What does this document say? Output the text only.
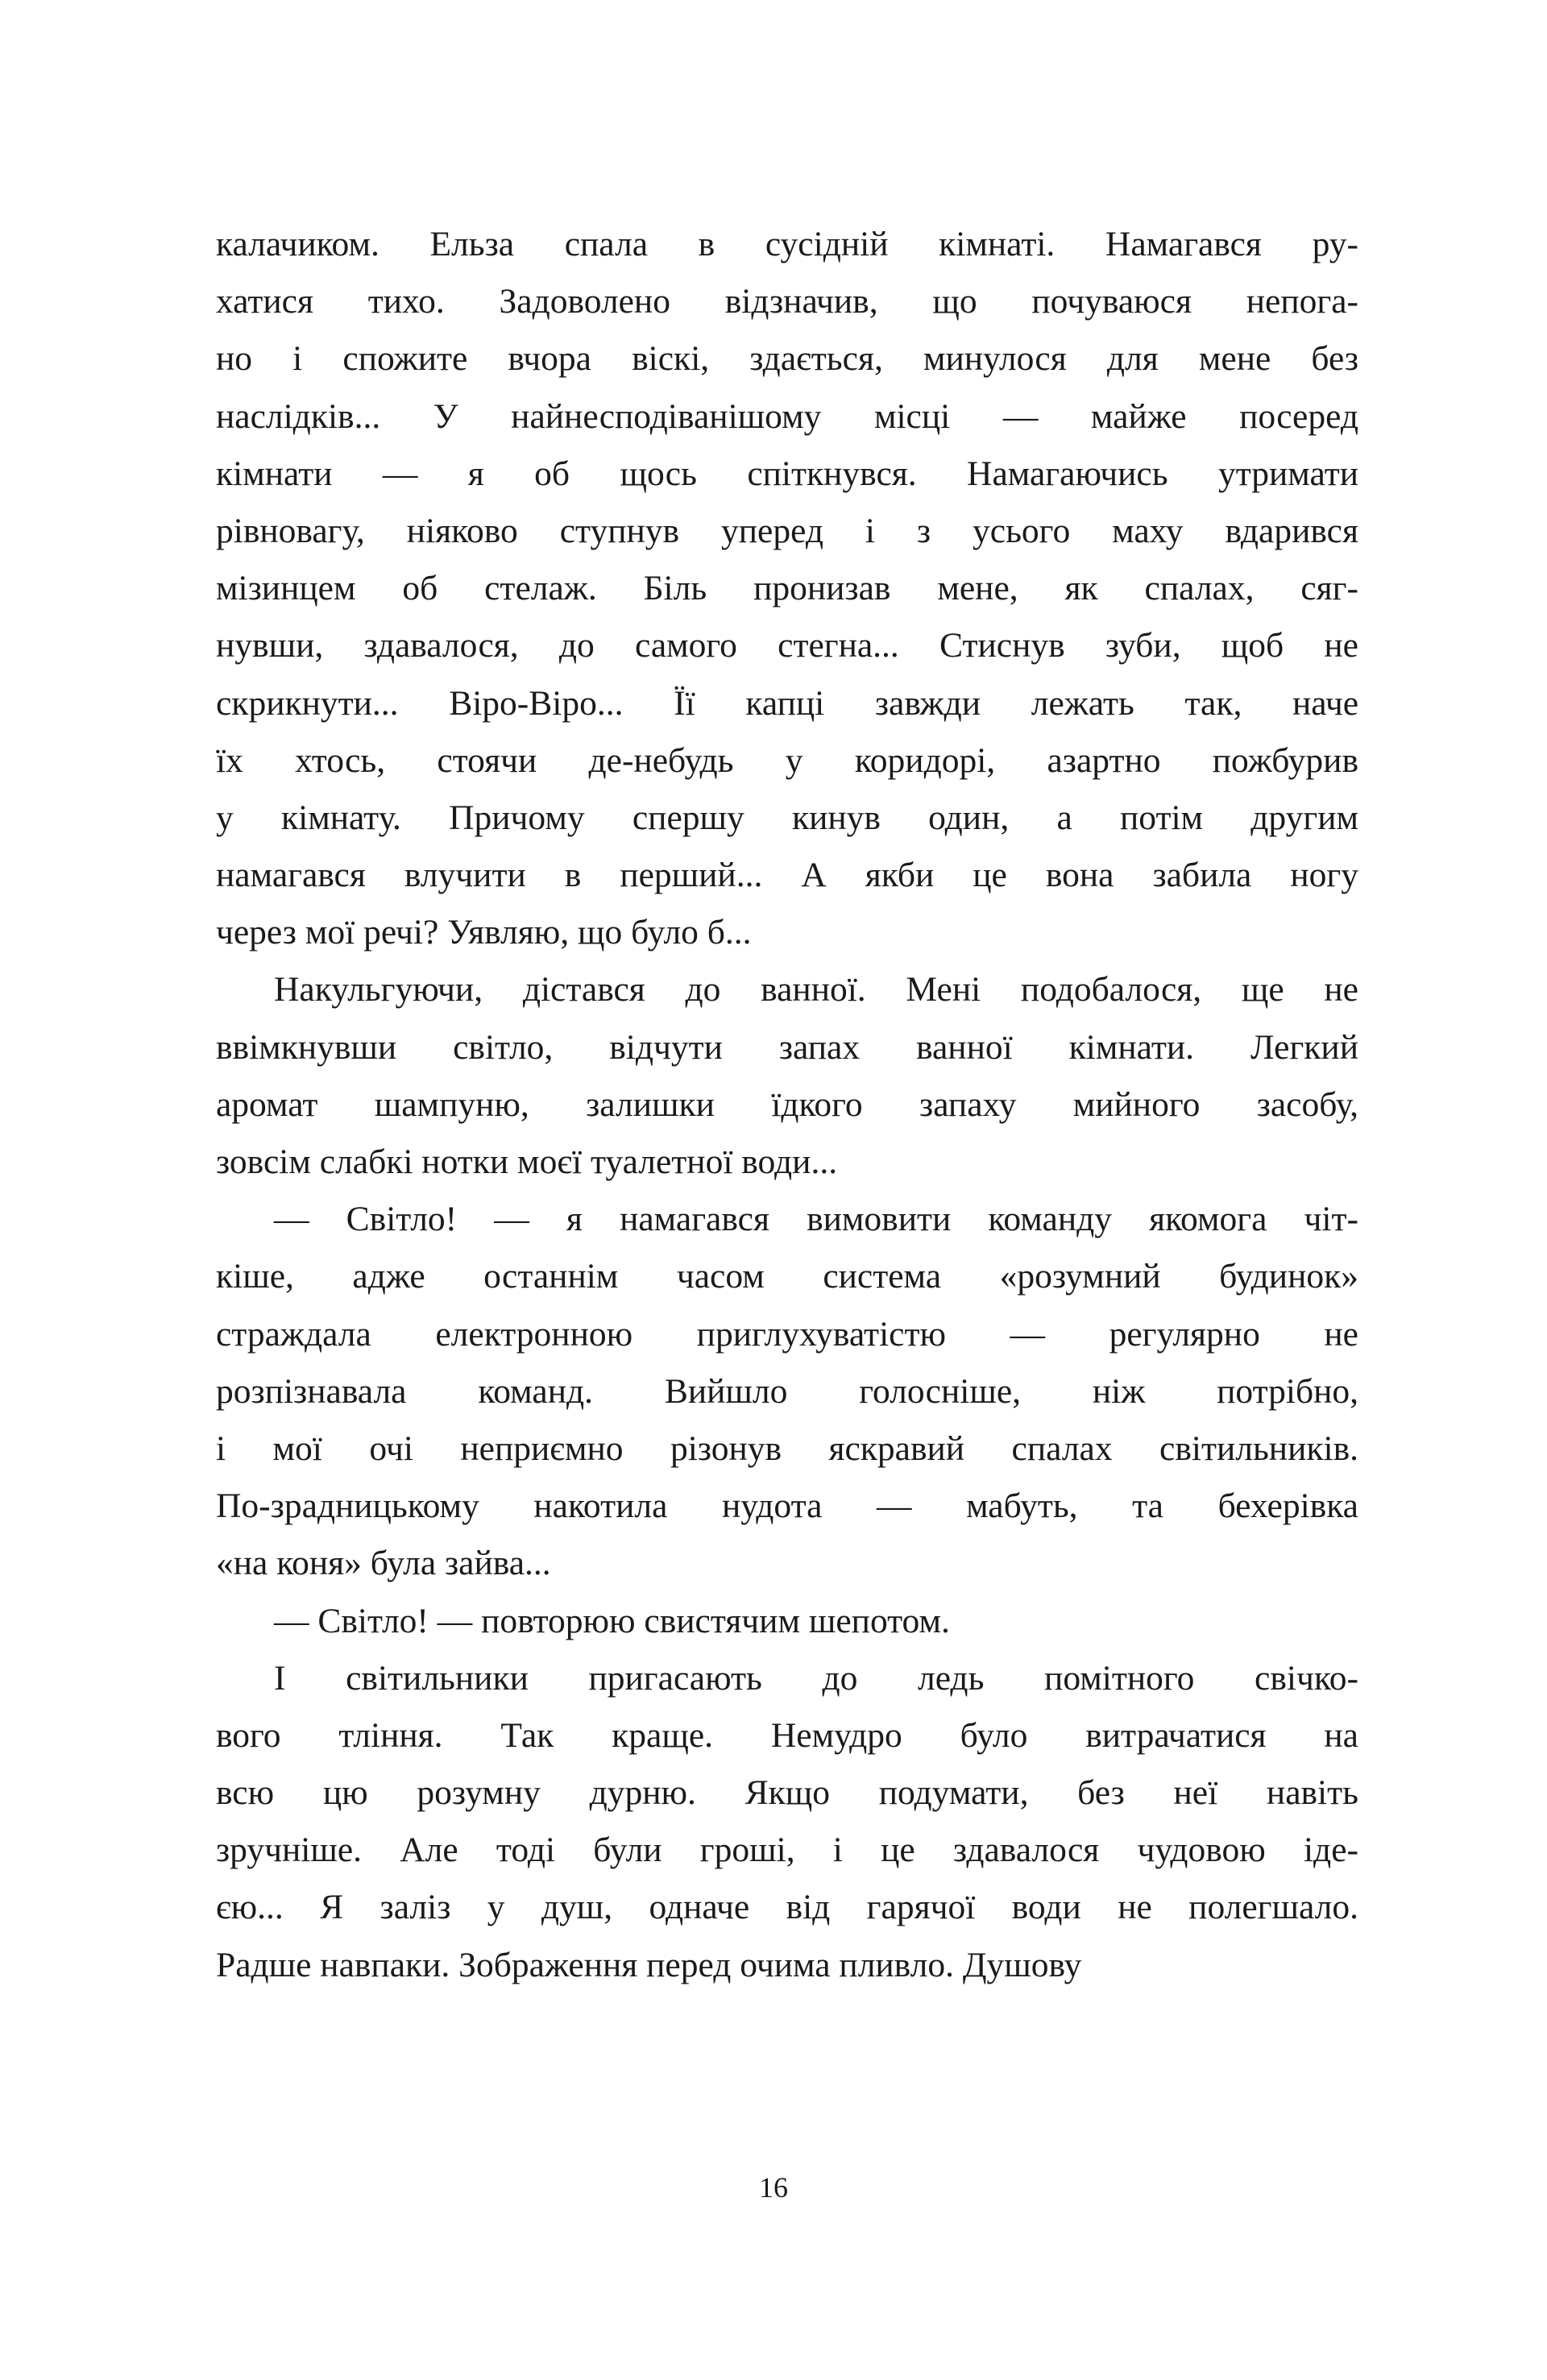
калачиком. Ельза спала в сусідній кімнаті. Намагався ру-
хатися тихо. Задоволено відзначив, що почуваюся непога-
но і спожите вчора віскі, здається, минулося для мене без
наслідків... У найнесподіванішому місці — майже посеред
кімнати — я об щось спіткнувся. Намагаючись утримати
рівновагу, ніяково ступнув уперед і з усього маху вдарився
мізинцем об стелаж. Біль пронизав мене, як спалах, сяг-
нувши, здавалося, до самого стегна... Стиснув зуби, щоб не
скрикнути... Віро-Віро... Її капці завжди лежать так, наче
їх хтось, стоячи де-небудь у коридорі, азартно пожбурив
у кімнату. Причому спершу кинув один, а потім другим
намагався влучити в перший... А якби це вона забила ногу
через мої речі? Уявляю, що було б...
Накульгуючи, дістався до ванної. Мені подобалося, ще не
ввімкнувши світло, відчути запах ванної кімнати. Легкий
аромат шампуню, залишки їдкого запаху мийного засобу,
зовсім слабкі нотки моєї туалетної води...
— Світло! — я намагався вимовити команду якомога чіт-
кіше, адже останнім часом система «розумний будинок»
страждала електронною приглухуватістю — регулярно не
розпізнавала команд. Вийшло голосніше, ніж потрібно,
і мої очі неприємно різонув яскравий спалах світильників.
По-зрадницькому накотила нудота — мабуть, та бехерівка
«на коня» була зайва...
— Світло! — повторюю свистячим шепотом.
І світильники пригасають до ледь помітного свічко-
вого тління. Так краще. Немудро було витрачатися на
всю цю розумну дурню. Якщо подумати, без неї навіть
зручніше. Але тоді були гроші, і це здавалося чудовою іде-
єю... Я заліз у душ, одначе від гарячої води не полегшало.
Радше навпаки. Зображення перед очима пливло. Душову
16
